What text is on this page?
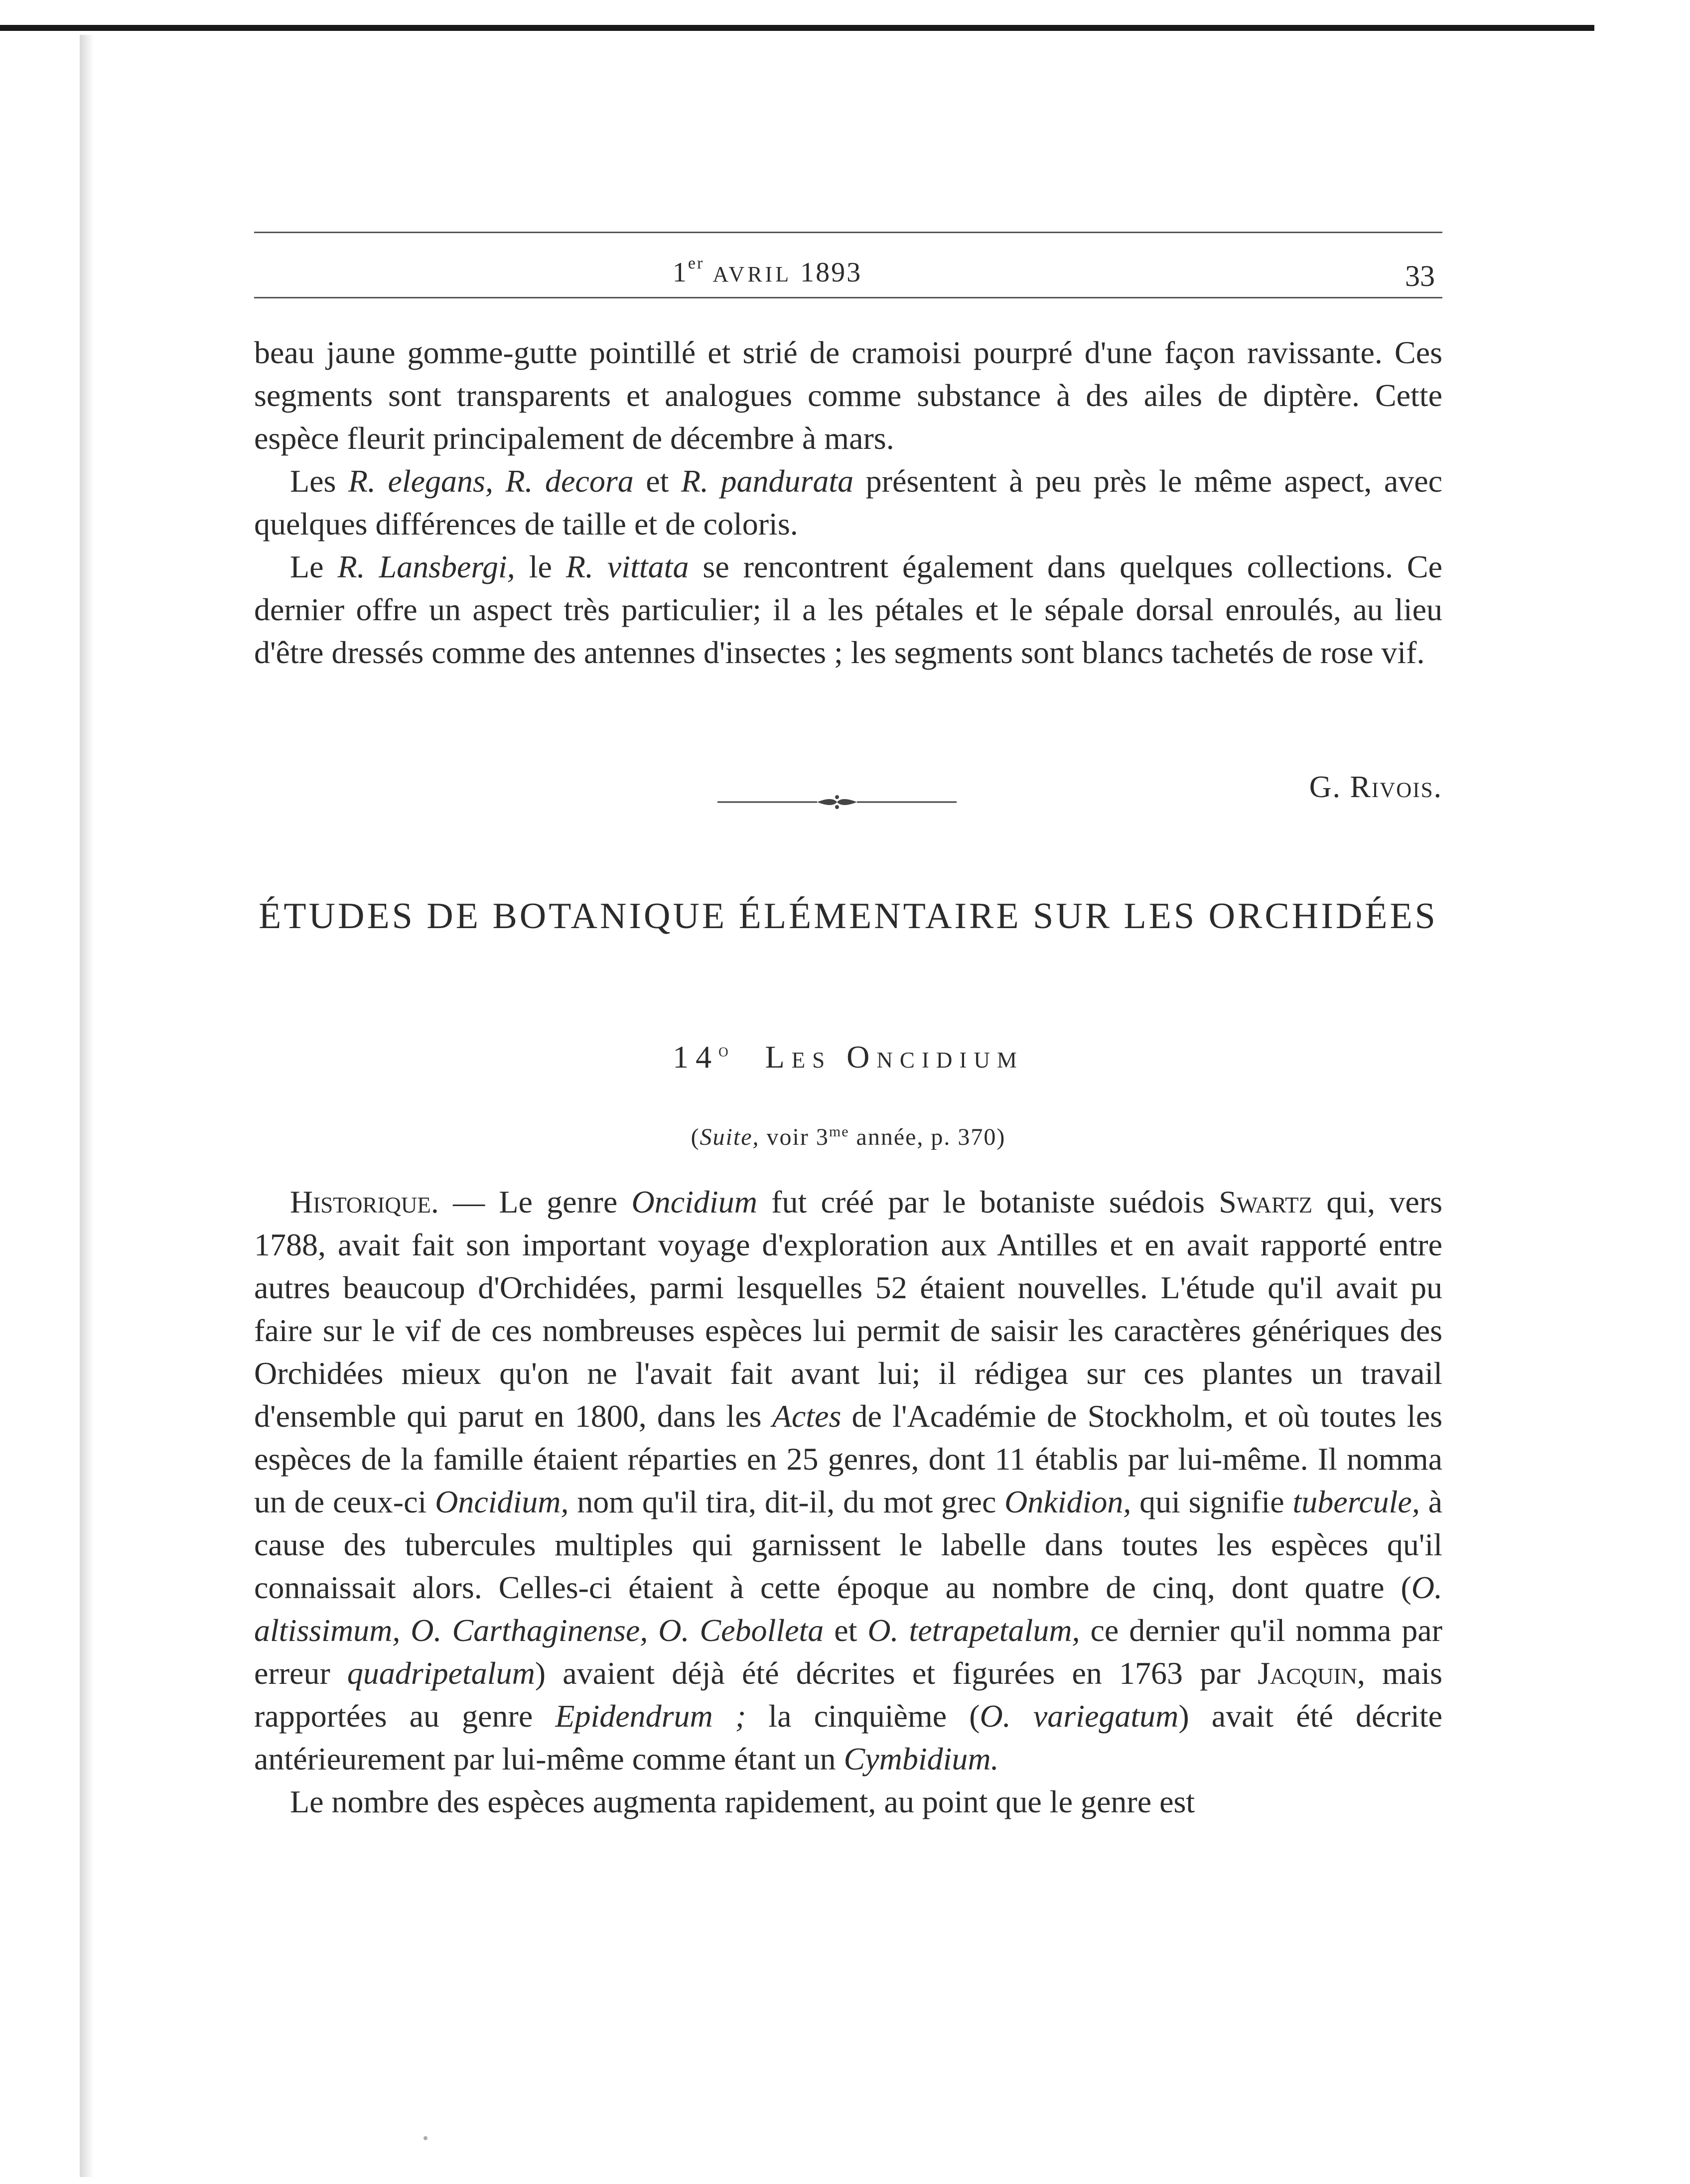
1er AVRIL 1893	33

beau jaune gomme-gutte pointillé et strié de cramoisi pourpré d'une façon ravissante. Ces segments sont transparents et analogues comme substance à des ailes de diptère. Cette espèce fleurit principalement de décembre à mars.

Les R. elegans, R. decora et R. pandurata présentent à peu près le même aspect, avec quelques différences de taille et de coloris.

Le R. Lansbergi, le R. vittata se rencontrent également dans quelques collections. Ce dernier offre un aspect très particulier; il a les pétales et le sépale dorsal enroulés, au lieu d'être dressés comme des antennes d'insectes ; les segments sont blancs tachetés de rose vif.

G. Rivois.
ÉTUDES DE BOTANIQUE ÉLÉMENTAIRE SUR LES ORCHIDÉES
14$^o$ Les Oncidium
(Suite, voir $3^{me}$ année, p. 370)

Historique. — Le genre Oncidium fut créé par le botaniste suédois Swartz qui, vers 1788, avait fait son important voyage d'exploration aux Antilles et en avait rapporté entre autres beaucoup d'Orchidées, parmi lesquelles 52 étaient nouvelles. L'étude qu'il avait pu faire sur le vif de ces nombreuses espèces lui permit de saisir les caractères génériques des Orchidées mieux qu'on ne l'avait fait avant lui; il rédigea sur ces plantes un travail d'ensemble qui parut en 1800, dans les Actes de l'Académie de Stockholm, et où toutes les espèces de la famille étaient réparties en 25 genres, dont 11 établis par lui-même. Il nomma un de ceux-ci Oncidium, nom qu'il tira, dit-il, du mot grec Onkidion, qui signifie tubercule, à cause des tubercules multiples qui garnissent le labelle dans toutes les espèces qu'il connaissait alors. Celles-ci étaient à cette époque au nombre de cinq, dont quatre (O. altissimum, O. Carthaginense, O. Cebolleta et O. tetrapetalum, ce dernier qu'il nomma par erreur quadripetalum) avaient déjà été décrites et figurées en 1763 par Jacquin, mais rapportées au genre Epidendrum ; la cinquième (O. variegatum) avait été décrite antérieurement par lui-même comme étant un Cymbidium.

Le nombre des espèces augmenta rapidement, au point que le genre est
